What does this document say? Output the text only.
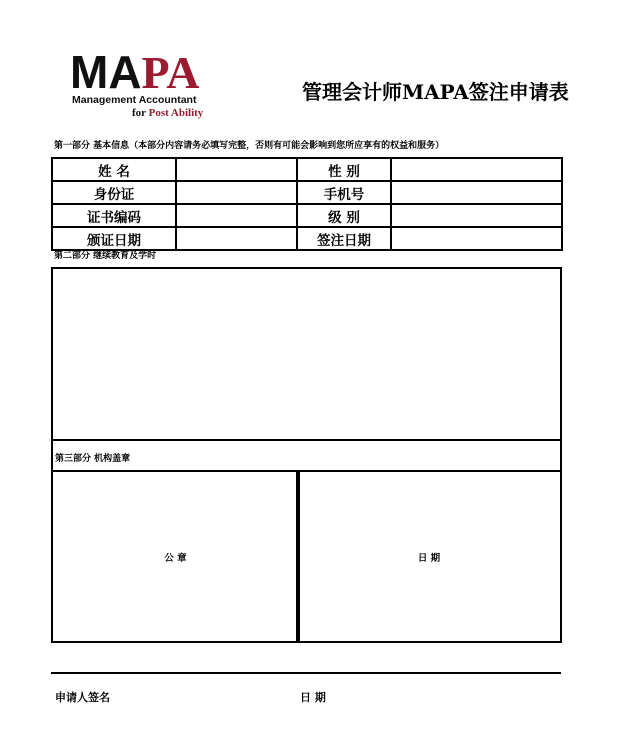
MAPA
Management Accountant
for Post Ability
管理会计师MAPA签注申请表
第一部分 基本信息（本部分内容请务必填写完整，否则有可能会影响到您所应享有的权益和服务）
姓 名		性 别	
身份证		手机号	
证书编码		级 别	
颁证日期		签注日期	
第二部分 继续教育及学时
第三部分 机构盖章
公 章	日 期
申请人签名	日 期
